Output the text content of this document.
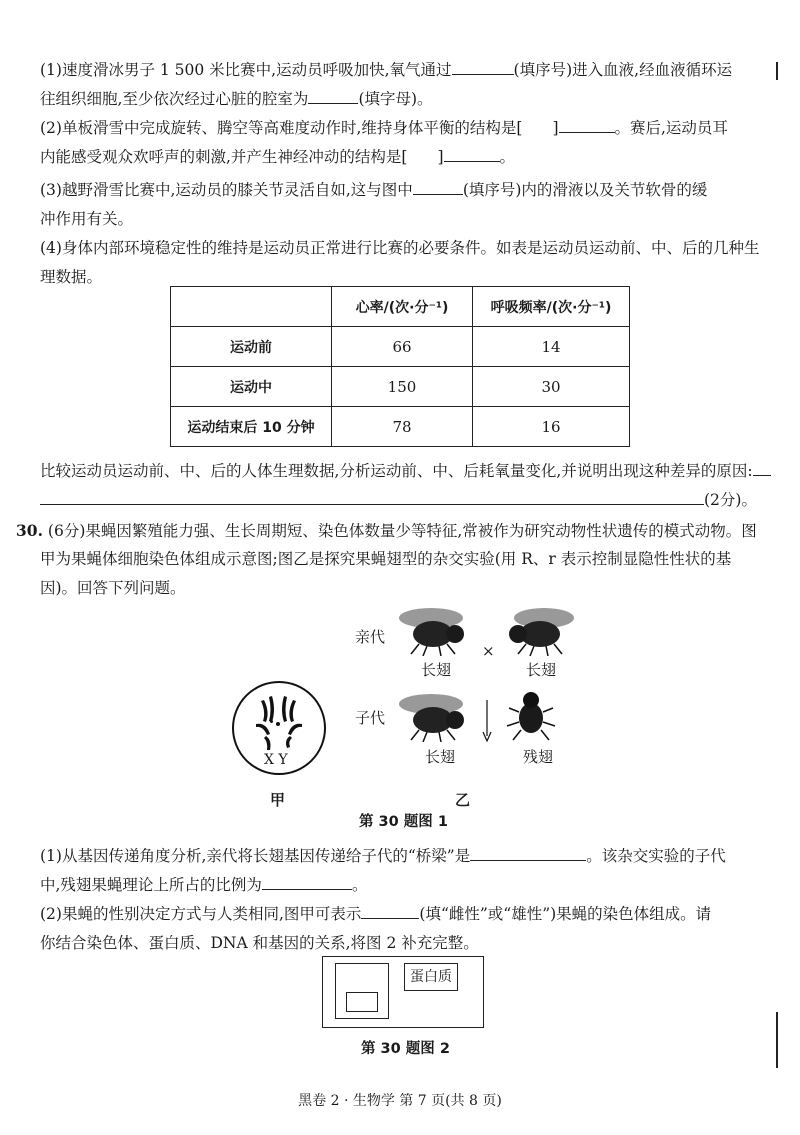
(1)速度滑冰男子 1 500 米比赛中,运动员呼吸加快,氧气通过	(填序号)进入血液,经血液循环运

往组织细胞,至少依次经过心脏的腔室为	(填字母)。

(2)单板滑雪中完成旋转、腾空等高难度动作时,维持身体平衡的结构是[ ]	。赛后,运动员耳

内能感受观众欢呼声的刺激,并产生神经冲动的结构是[ ]	。

(3)越野滑雪比赛中,运动员的膝关节灵活自如,这与图中	(填序号)内的滑液以及关节软骨的缓

冲作用有关。

(4)身体内部环境稳定性的维持是运动员正常进行比赛的必要条件。如表是运动员运动前、中、后的几种生

理数据。

	心率/(次·分⁻¹)	呼吸频率/(次·分⁻¹)
运动前	66	14
运动中	150	30
运动结束后 10 分钟	78	16

比较运动员运动前、中、后的人体生理数据,分析运动前、中、后耗氧量变化,并说明出现这种差异的原因:

(2分)。

30. (6分)果蝇因繁殖能力强、生长周期短、染色体数量少等特征,常被作为研究动物性状遗传的模式动物。图

甲为果蝇体细胞染色体组成示意图;图乙是探究果蝇翅型的杂交实验(用 R、r 表示控制显隐性性状的基

因)。回答下列问题。

X Y
甲	乙
亲代
子代
×
长翅	长翅
长翅	残翅
第 30 题图 1

(1)从基因传递角度分析,亲代将长翅基因传递给子代的“桥梁”是	。该杂交实验的子代

中,残翅果蝇理论上所占的比例为	。

(2)果蝇的性别决定方式与人类相同,图甲可表示	(填“雌性”或“雄性”)果蝇的染色体组成。请

你结合染色体、蛋白质、DNA 和基因的关系,将图 2 补充完整。

蛋白质
第 30 题图 2
黑卷 2 · 生物学 第 7 页(共 8 页)
